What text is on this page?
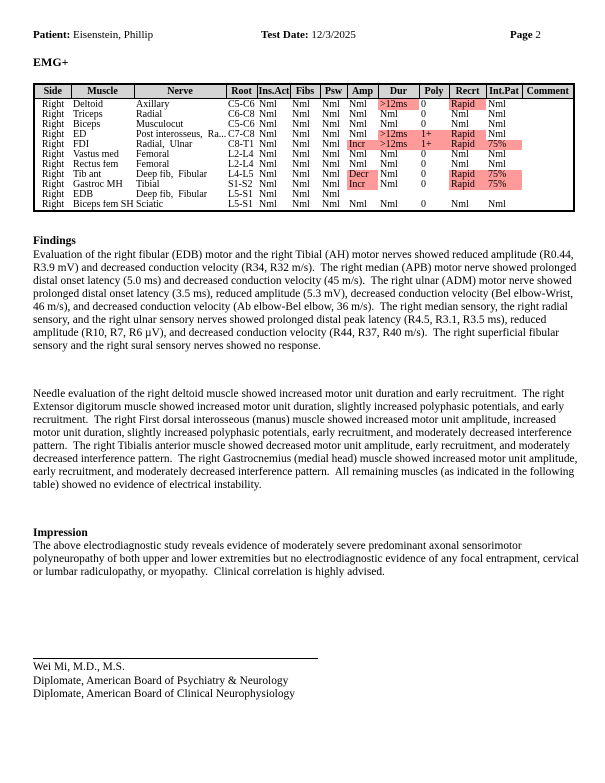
Patient: Eisenstein, Phillip	Test Date: 12/3/2025	Page 2
EMG+
Side	Muscle	Nerve	Root	Ins.Act	Fibs	Psw	Amp	Dur	Poly	Recrt	Int.Pat	Comment
Right	Deltoid	Axillary	C5-C6	Nml	Nml	Nml	Nml	>12ms	0	Rapid	Nml	
Right	Triceps	Radial	C6-C8	Nml	Nml	Nml	Nml	Nml	0	Nml	Nml	
Right	Biceps	Musculocut	C5-C6	Nml	Nml	Nml	Nml	Nml	0	Nml	Nml	
Right	ED	Post interosseus,  Ra...	C7-C8	Nml	Nml	Nml	Nml	>12ms	1+	Rapid	Nml	
Right	FDI	Radial,  Ulnar	C8-T1	Nml	Nml	Nml	Incr	>12ms	1+	Rapid	75%	
Right	Vastus med	Femoral	L2-L4	Nml	Nml	Nml	Nml	Nml	0	Nml	Nml	
Right	Rectus fem	Femoral	L2-L4	Nml	Nml	Nml	Nml	Nml	0	Nml	Nml	
Right	Tib ant	Deep fib,  Fibular	L4-L5	Nml	Nml	Nml	Decr	Nml	0	Rapid	75%	
Right	Gastroc MH	Tibial	S1-S2	Nml	Nml	Nml	Incr	Nml	0	Rapid	75%	
Right	EDB	Deep fib,  Fibular	L5-S1	Nml	Nml	Nml						
Right	Biceps fem SH	Sciatic	L5-S1	Nml	Nml	Nml	Nml	Nml	0	Nml	Nml	
Findings

Evaluation of the right fibular (EDB) motor and the right Tibial (AH) motor nerves showed reduced amplitude (R0.44, R3.9 mV) and decreased conduction velocity (R34, R32 m/s).  The right median (APB) motor nerve showed prolonged distal onset latency (5.0 ms) and decreased conduction velocity (45 m/s).  The right ulnar (ADM) motor nerve showed prolonged distal onset latency (3.5 ms), reduced amplitude (5.3 mV), decreased conduction velocity (Bel elbow-Wrist, 46 m/s), and decreased conduction velocity (Ab elbow-Bel elbow, 36 m/s).  The right median sensory, the right radial sensory, and the right ulnar sensory nerves showed prolonged distal peak latency (R4.5, R3.1, R3.5 ms), reduced amplitude (R10, R7, R6 µV), and decreased conduction velocity (R44, R37, R40 m/s).  The right superficial fibular sensory and the right sural sensory nerves showed no response.

Needle evaluation of the right deltoid muscle showed increased motor unit duration and early recruitment.  The right Extensor digitorum muscle showed increased motor unit duration, slightly increased polyphasic potentials, and early recruitment.  The right First dorsal interosseous (manus) muscle showed increased motor unit amplitude, increased motor unit duration, slightly increased polyphasic potentials, early recruitment, and moderately decreased interference pattern.  The right Tibialis anterior muscle showed decreased motor unit amplitude, early recruitment, and moderately decreased interference pattern.  The right Gastrocnemius (medial head) muscle showed increased motor unit amplitude, early recruitment, and moderately decreased interference pattern.  All remaining muscles (as indicated in the following table) showed no evidence of electrical instability.

Impression

The above electrodiagnostic study reveals evidence of moderately severe predominant axonal sensorimotor polyneuropathy of both upper and lower extremities but no electrodiagnostic evidence of any focal entrapment, cervical or lumbar radiculopathy, or myopathy.  Clinical correlation is highly advised.

Wei Mi, M.D., M.S.
Diplomate, American Board of Psychiatry & Neurology
Diplomate, American Board of Clinical Neurophysiology
